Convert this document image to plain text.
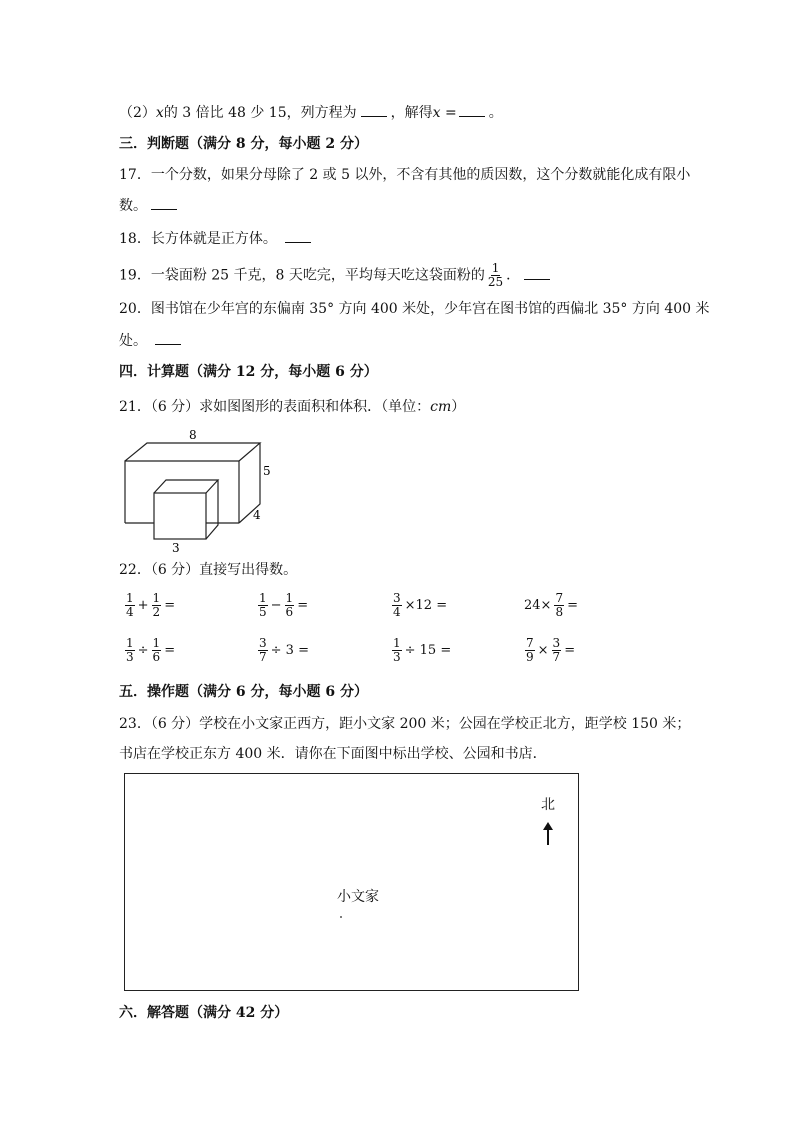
（2）x的 3 倍比 48 少 15，列方程为 ，解得x = 。
三．判断题（满分 8 分，每小题 2 分）
17．一个分数，如果分母除了 2 或 5 以外，不含有其他的质因数，这个分数就能化成有限小
数。
18．长方体就是正方体。
19．一袋面粉 25 千克，8 天吃完，平均每天吃这袋面粉的 $\frac{1}{25}$ ．
20．图书馆在少年宫的东偏南 35° 方向 400 米处，少年宫在图书馆的西偏北 35° 方向 400 米
处。
四．计算题（满分 12 分，每小题 6 分）
21．（6 分）求如图图形的表面积和体积．（单位：cm）
8
5
4
3
22．（6 分）直接写出得数。
$\frac{1}{4} + \frac{1}{2}$ =	$\frac{1}{5} - \frac{1}{6}$ =	$\frac{3}{4} \times 12$ =	$24\times \frac{7}{8}$ =
$\frac{1}{3} \div \frac{1}{6}$ =	$\frac{3}{7} \div 3$ =	$\frac{1}{3} \div 15$ =	$\frac{7}{9} \times \frac{3}{7}$ =
五．操作题（满分 6 分，每小题 6 分）
23．（6 分）学校在小文家正西方，距小文家 200 米；公园在学校正北方，距学校 150 米；
书店在学校正东方 400 米．请你在下面图中标出学校、公园和书店．
北
小文家
六．解答题（满分 42 分）
